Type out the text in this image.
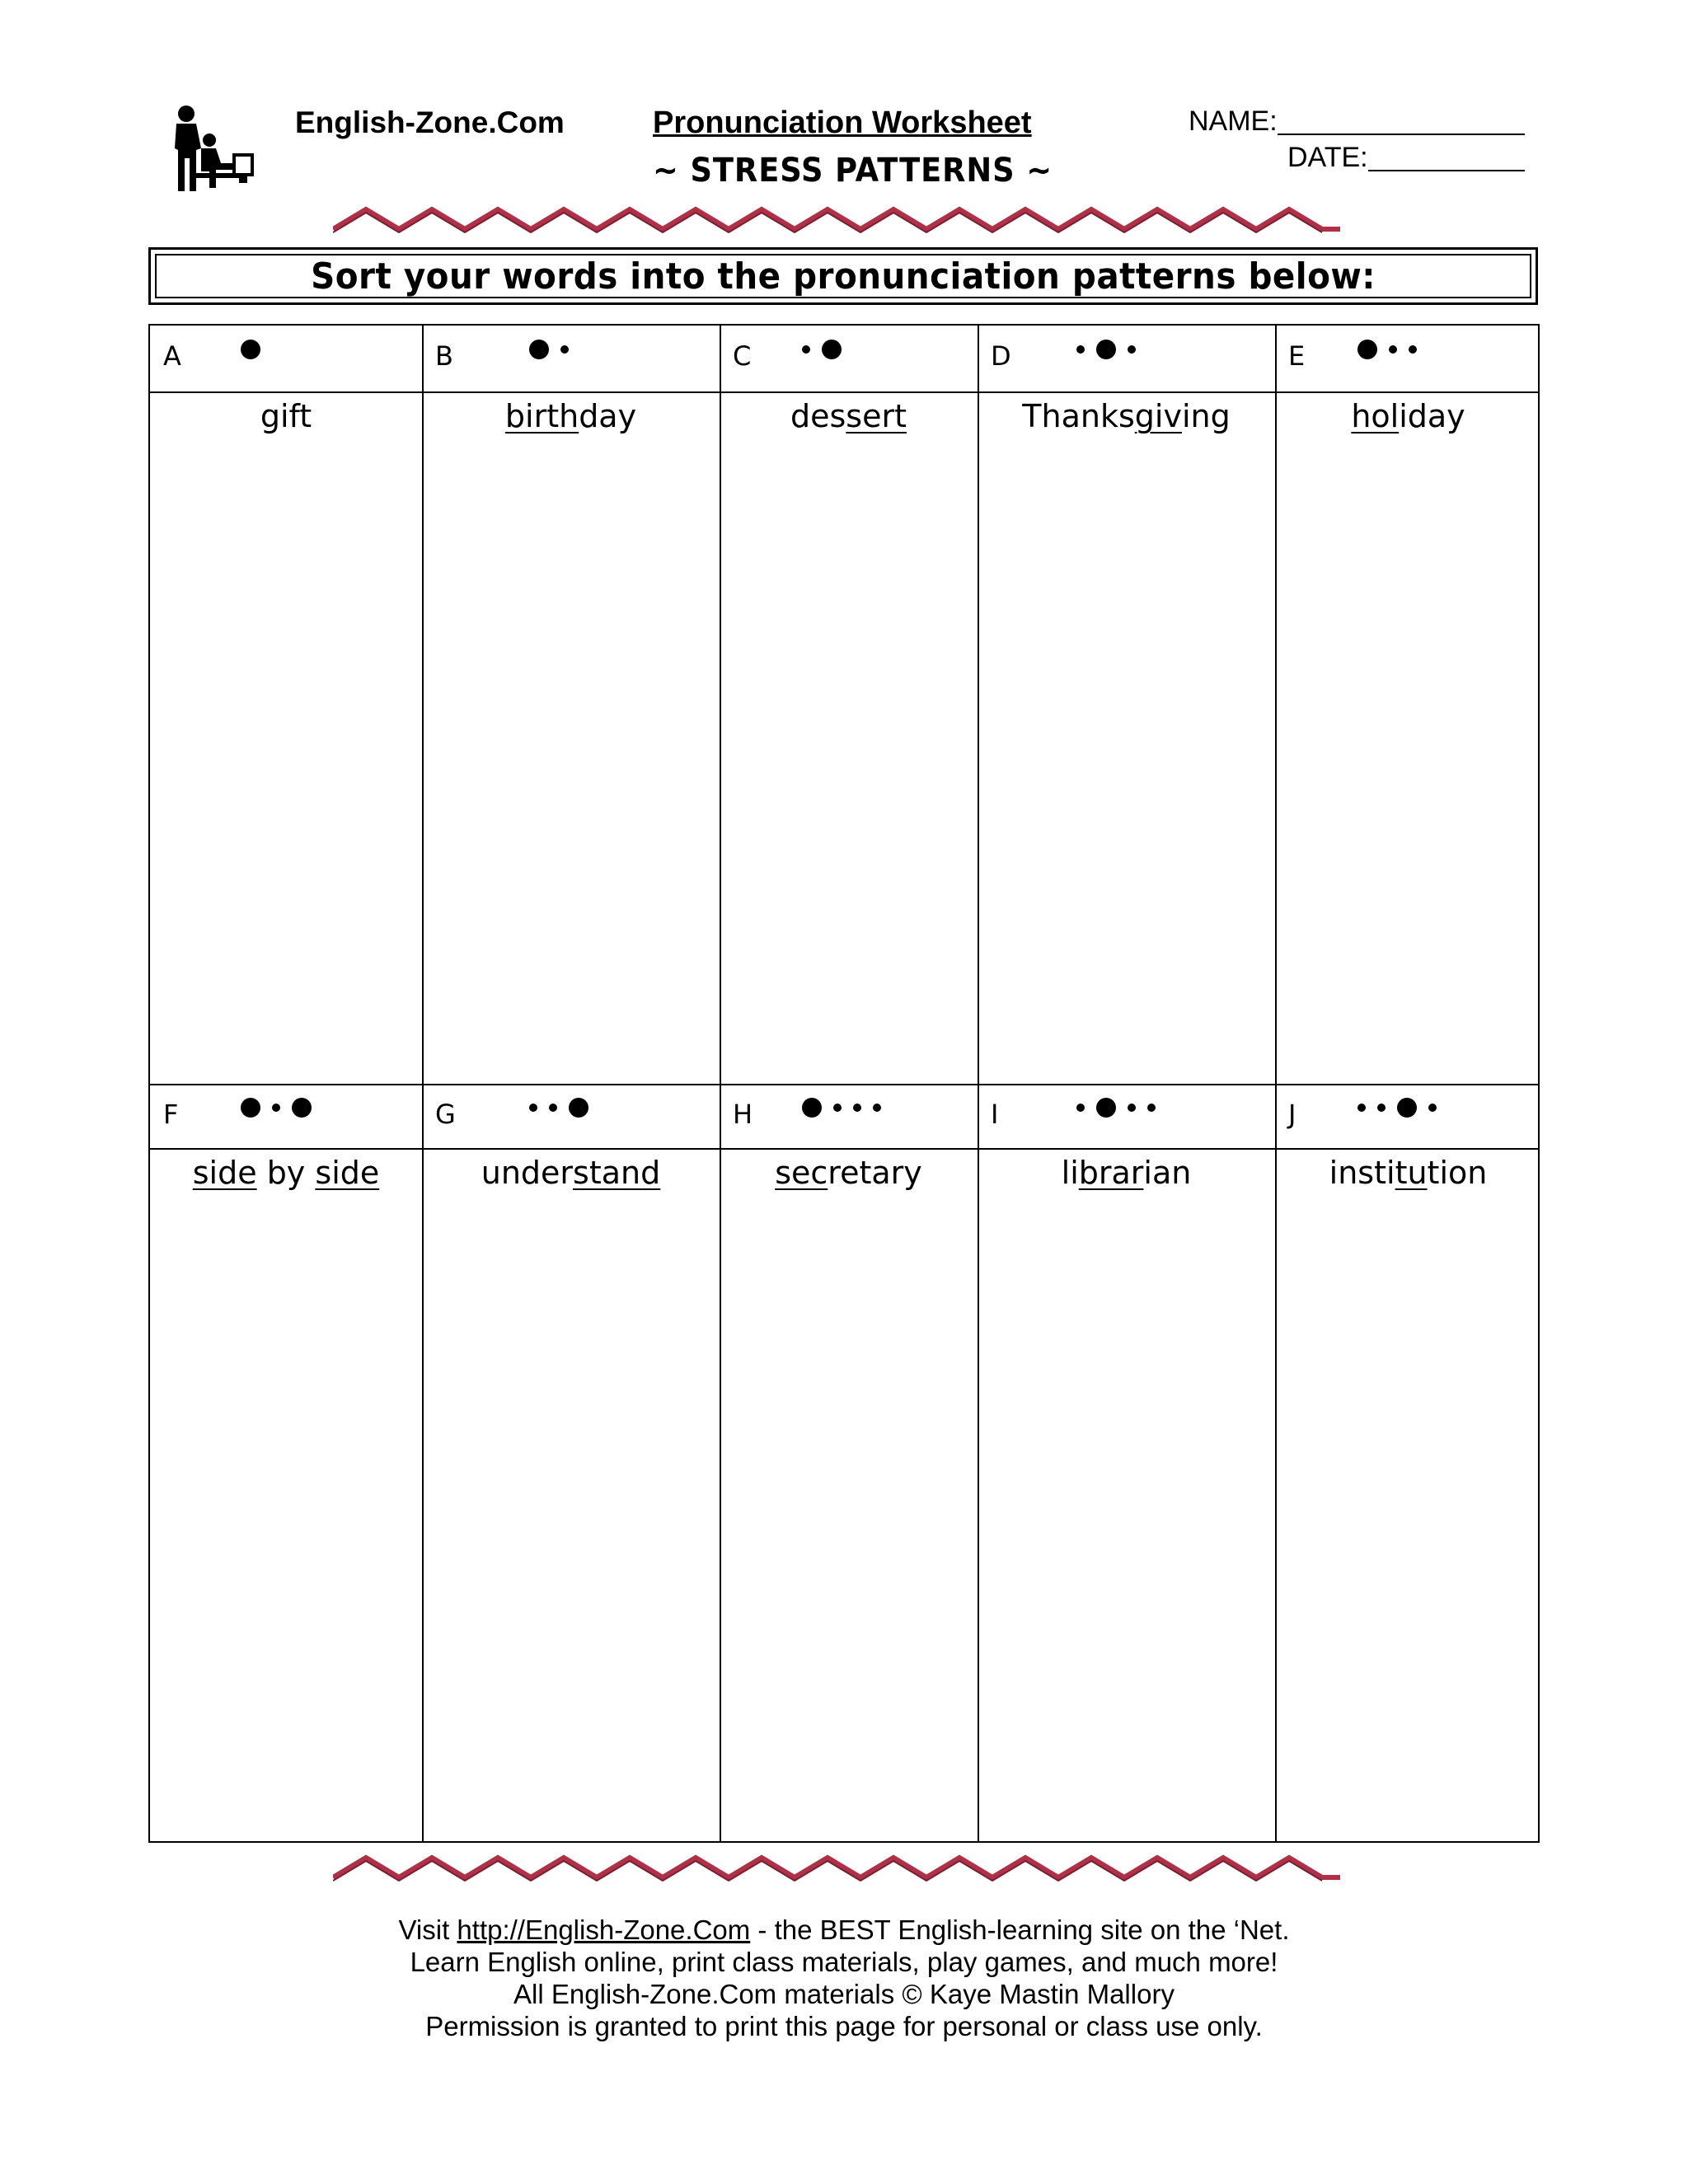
English-Zone.Com	Pronunciation Worksheet
~ STRESS PATTERNS ~
NAME:
DATE:
Sort your words into the pronunciation patterns below:
A
gift
B
birthday
C
dessert
D
Thanksgiving
E
holiday
F
side by side
G
understand
H
secretary
I
librarian
J
institution
Visit http://English-Zone.Com - the BEST English-learning site on the ‘Net.
Learn English online, print class materials, play games, and much more!
All English-Zone.Com materials © Kaye Mastin Mallory
Permission is granted to print this page for personal or class use only.
